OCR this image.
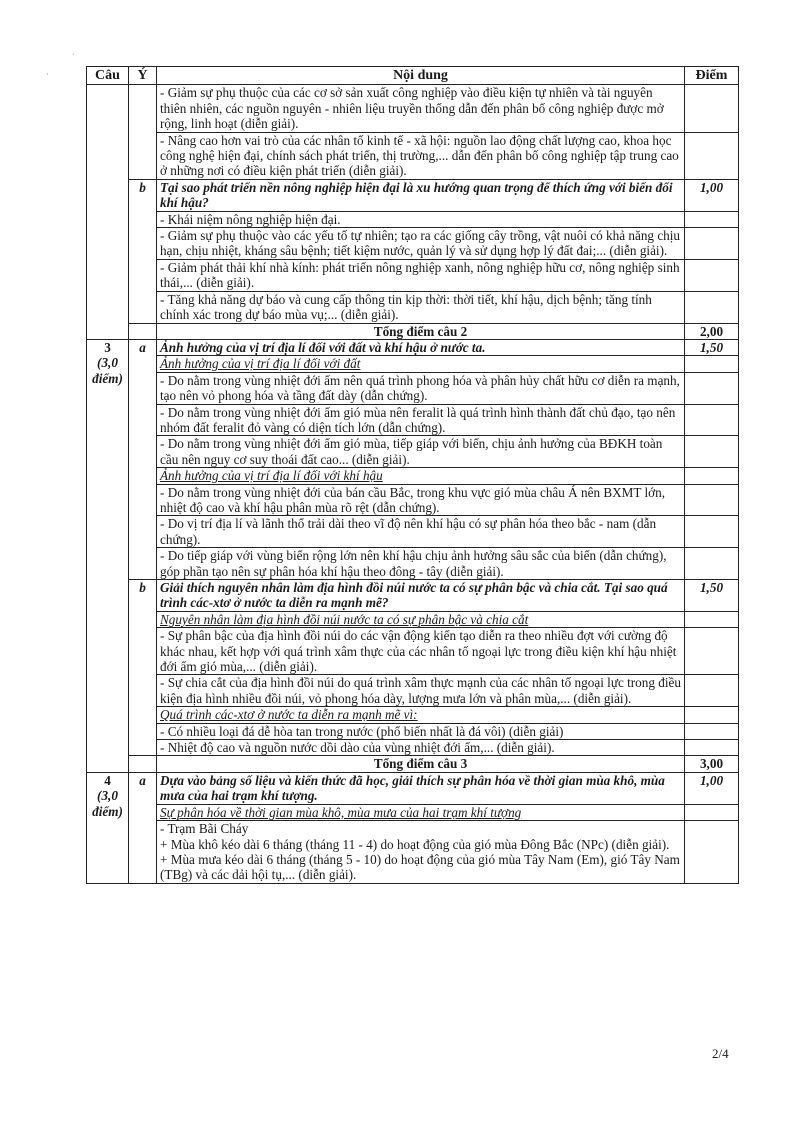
·
·	Câu	Ý	Nội dung	Điểm
		- Giảm sự phụ thuộc của các cơ sở sản xuất công nghiệp vào điều kiện tự nhiên và tài nguyên thiên nhiên, các nguồn nguyên - nhiên liệu truyền thống dẫn đến phân bố công nghiệp được mở rộng, linh hoạt (diễn giải).	
		- Nâng cao hơn vai trò của các nhân tố kinh tế - xã hội: nguồn lao động chất lượng cao, khoa học công nghệ hiện đại, chính sách phát triển, thị trường,... dẫn đến phân bố công nghiệp tập trung cao ở những nơi có điều kiện phát triển (diễn giải).	
	b	Tại sao phát triển nền nông nghiệp hiện đại là xu hướng quan trọng để thích ứng với biến đổi khí hậu?	1,00
		- Khái niệm nông nghiệp hiện đại.	
		- Giảm sự phụ thuộc vào các yếu tố tự nhiên; tạo ra các giống cây trồng, vật nuôi có khả năng chịu hạn, chịu nhiệt, kháng sâu bệnh; tiết kiệm nước, quản lý và sử dụng hợp lý đất đai;... (diễn giải).	
		- Giảm phát thải khí nhà kính: phát triển nông nghiệp xanh, nông nghiệp hữu cơ, nông nghiệp sinh thái,... (diễn giải).	
		- Tăng khả năng dự báo và cung cấp thông tin kịp thời: thời tiết, khí hậu, dịch bệnh; tăng tính chính xác trong dự báo mùa vụ;... (diễn giải).	
		Tổng điểm câu 2	2,00

3
(3,0
điểm)	a	Ảnh hưởng của vị trí địa lí đối với đất và khí hậu ở nước ta.	1,50
		Ảnh hưởng của vị trí địa lí đối với đất	
		- Do nằm trong vùng nhiệt đới ẩm nên quá trình phong hóa và phân hủy chất hữu cơ diễn ra mạnh, tạo nên vỏ phong hóa và tầng đất dày (dẫn chứng).	
		- Do nằm trong vùng nhiệt đới ẩm gió mùa nên feralit là quá trình hình thành đất chủ đạo, tạo nên nhóm đất feralit đỏ vàng có diện tích lớn (dẫn chứng).	
		- Do nằm trong vùng nhiệt đới ẩm gió mùa, tiếp giáp với biển, chịu ảnh hưởng của BĐKH toàn cầu nên nguy cơ suy thoái đất cao... (diễn giải).	
		Ảnh hưởng của vị trí địa lí đối với khí hậu	
		- Do nằm trong vùng nhiệt đới của bán cầu Bắc, trong khu vực gió mùa châu Á nên BXMT lớn, nhiệt độ cao và khí hậu phân mùa rõ rệt (dẫn chứng).	
		- Do vị trí địa lí và lãnh thổ trải dài theo vĩ độ nên khí hậu có sự phân hóa theo bắc - nam (dẫn chứng).	
		- Do tiếp giáp với vùng biển rộng lớn nên khí hậu chịu ảnh hưởng sâu sắc của biển (dẫn chứng), góp phần tạo nên sự phân hóa khí hậu theo đông - tây (diễn giải).	
	b	Giải thích nguyên nhân làm địa hình đồi núi nước ta có sự phân bậc và chia cắt. Tại sao quá trình các-xtơ ở nước ta diễn ra mạnh mẽ?	1,50
		Nguyên nhân làm địa hình đồi núi nước ta có sự phân bậc và chia cắt	
		- Sự phân bậc của địa hình đồi núi do các vận động kiến tạo diễn ra theo nhiều đợt với cường độ khác nhau, kết hợp với quá trình xâm thực của các nhân tố ngoại lực trong điều kiện khí hậu nhiệt đới ẩm gió mùa,... (diễn giải).	
		- Sự chia cắt của địa hình đồi núi do quá trình xâm thực mạnh của các nhân tố ngoại lực trong điều kiện địa hình nhiều đồi núi, vỏ phong hóa dày, lượng mưa lớn và phân mùa,... (diễn giải).	
		Quá trình các-xtơ ở nước ta diễn ra mạnh mẽ vì:	
		- Có nhiều loại đá dễ hòa tan trong nước (phổ biến nhất là đá vôi) (diễn giải)	
		- Nhiệt độ cao và nguồn nước dồi dào của vùng nhiệt đới ẩm,... (diễn giải).	
		Tổng điểm câu 3	3,00

4
(3,0
điểm)	a	Dựa vào bảng số liệu và kiến thức đã học, giải thích sự phân hóa về thời gian mùa khô, mùa mưa của hai trạm khí tượng.	1,00
		Sự phân hóa về thời gian mùa khô, mùa mưa của hai trạm khí tượng	

		- Trạm Bãi Cháy
+ Mùa khô kéo dài 6 tháng (tháng 11 - 4) do hoạt động của gió mùa Đông Bắc (NPc) (diễn giải).
+ Mùa mưa kéo dài 6 tháng (tháng 5 - 10) do hoạt động của gió mùa Tây Nam (Em), gió Tây Nam (TBg) và các dải hội tụ,... (diễn giải).	

2/4
